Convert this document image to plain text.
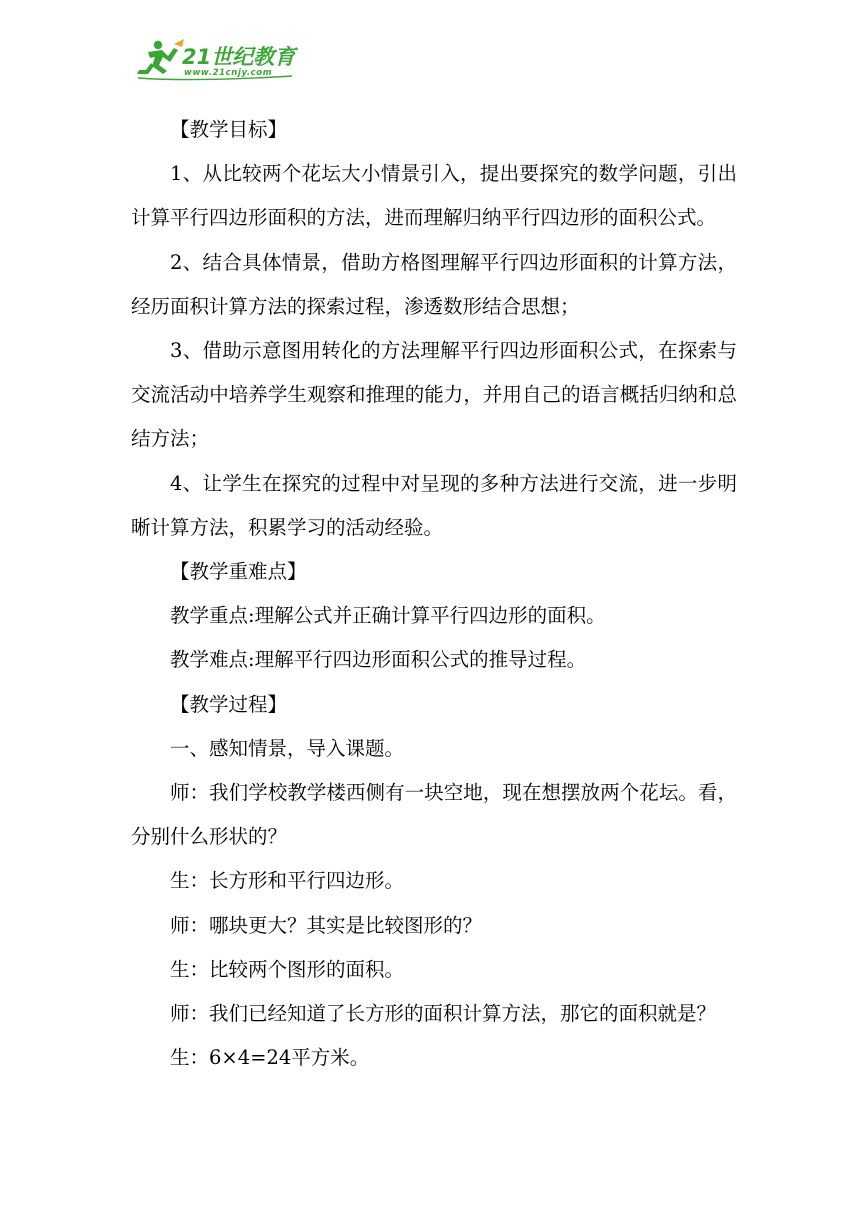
21世纪教育
www.21cnjy.com

【教学目标】

1、从比较两个花坛大小情景引入，提出要探究的数学问题，引出计算平行四边形面积的方法，进而理解归纳平行四边形的面积公式。

2、结合具体情景，借助方格图理解平行四边形面积的计算方法，经历面积计算方法的探索过程，渗透数形结合思想；

3、借助示意图用转化的方法理解平行四边形面积公式，在探索与交流活动中培养学生观察和推理的能力，并用自己的语言概括归纳和总结方法；

4、让学生在探究的过程中对呈现的多种方法进行交流，进一步明晰计算方法，积累学习的活动经验。

【教学重难点】

教学重点:理解公式并正确计算平行四边形的面积。

教学难点:理解平行四边形面积公式的推导过程。

【教学过程】

一、感知情景，导入课题。

师：我们学校教学楼西侧有一块空地，现在想摆放两个花坛。看，分别什么形状的？

生：长方形和平行四边形。

师：哪块更大？其实是比较图形的？

生：比较两个图形的面积。

师：我们已经知道了长方形的面积计算方法，那它的面积就是？

生：6×4=24平方米。
